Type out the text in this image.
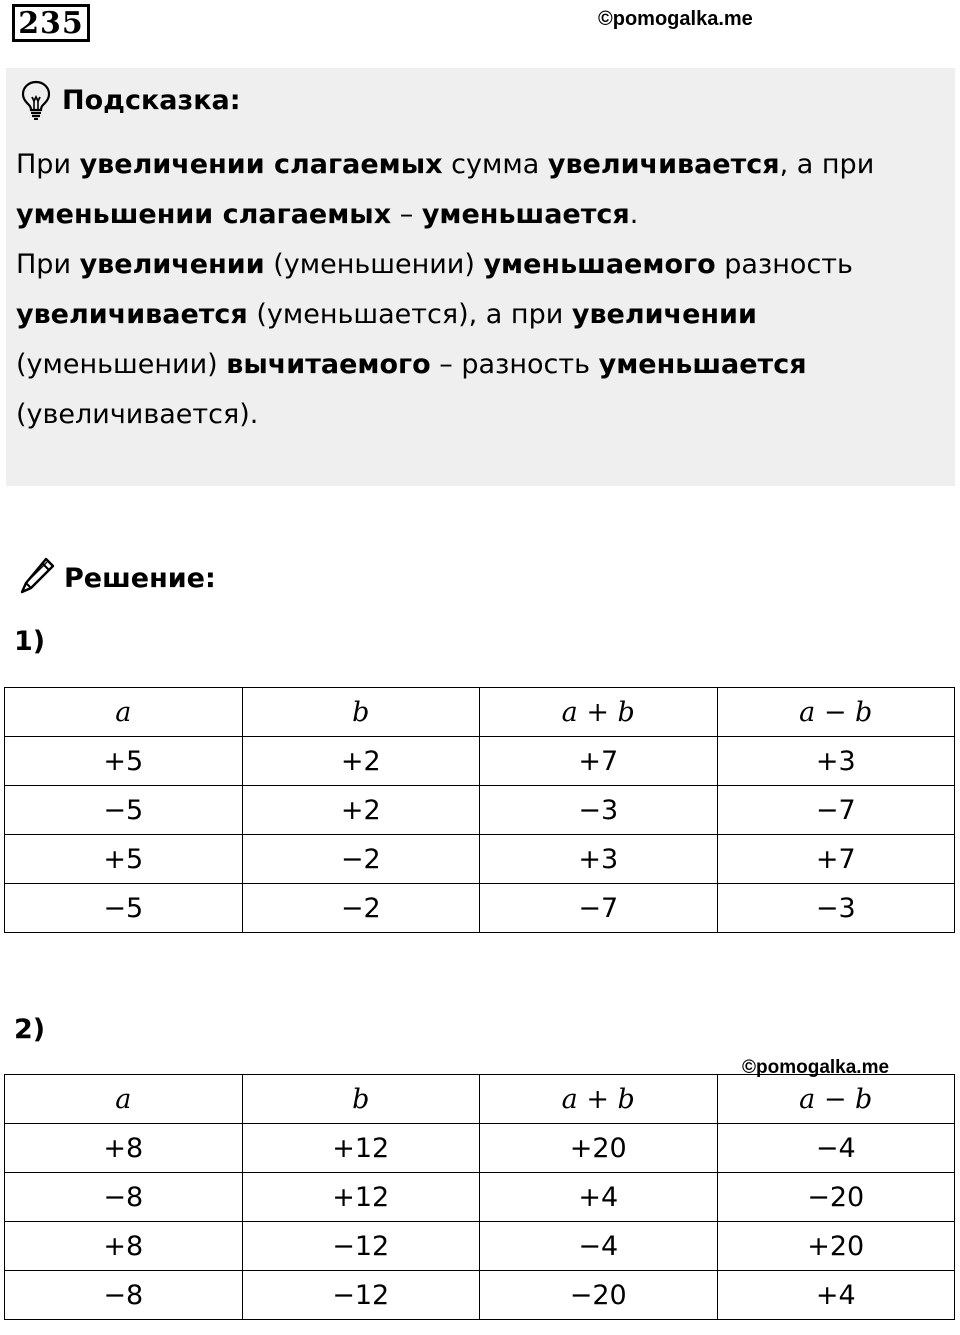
235	©pomogalka.me
Подсказка:
При увеличении слагаемых сумма увеличивается, а при уменьшении слагаемых – уменьшается.
При увеличении (уменьшении) уменьшаемого разность увеличивается (уменьшается), а при увеличении (уменьшении) вычитаемого – разность уменьшается (увеличивается).
Решение:
1)
a	b	a + b	a − b
+5	+2	+7	+3
−5	+2	−3	−7
+5	−2	+3	+7
−5	−2	−7	−3
2)
©pomogalka.me
a	b	a + b	a − b
+8	+12	+20	−4
−8	+12	+4	−20
+8	−12	−4	+20
−8	−12	−20	+4
